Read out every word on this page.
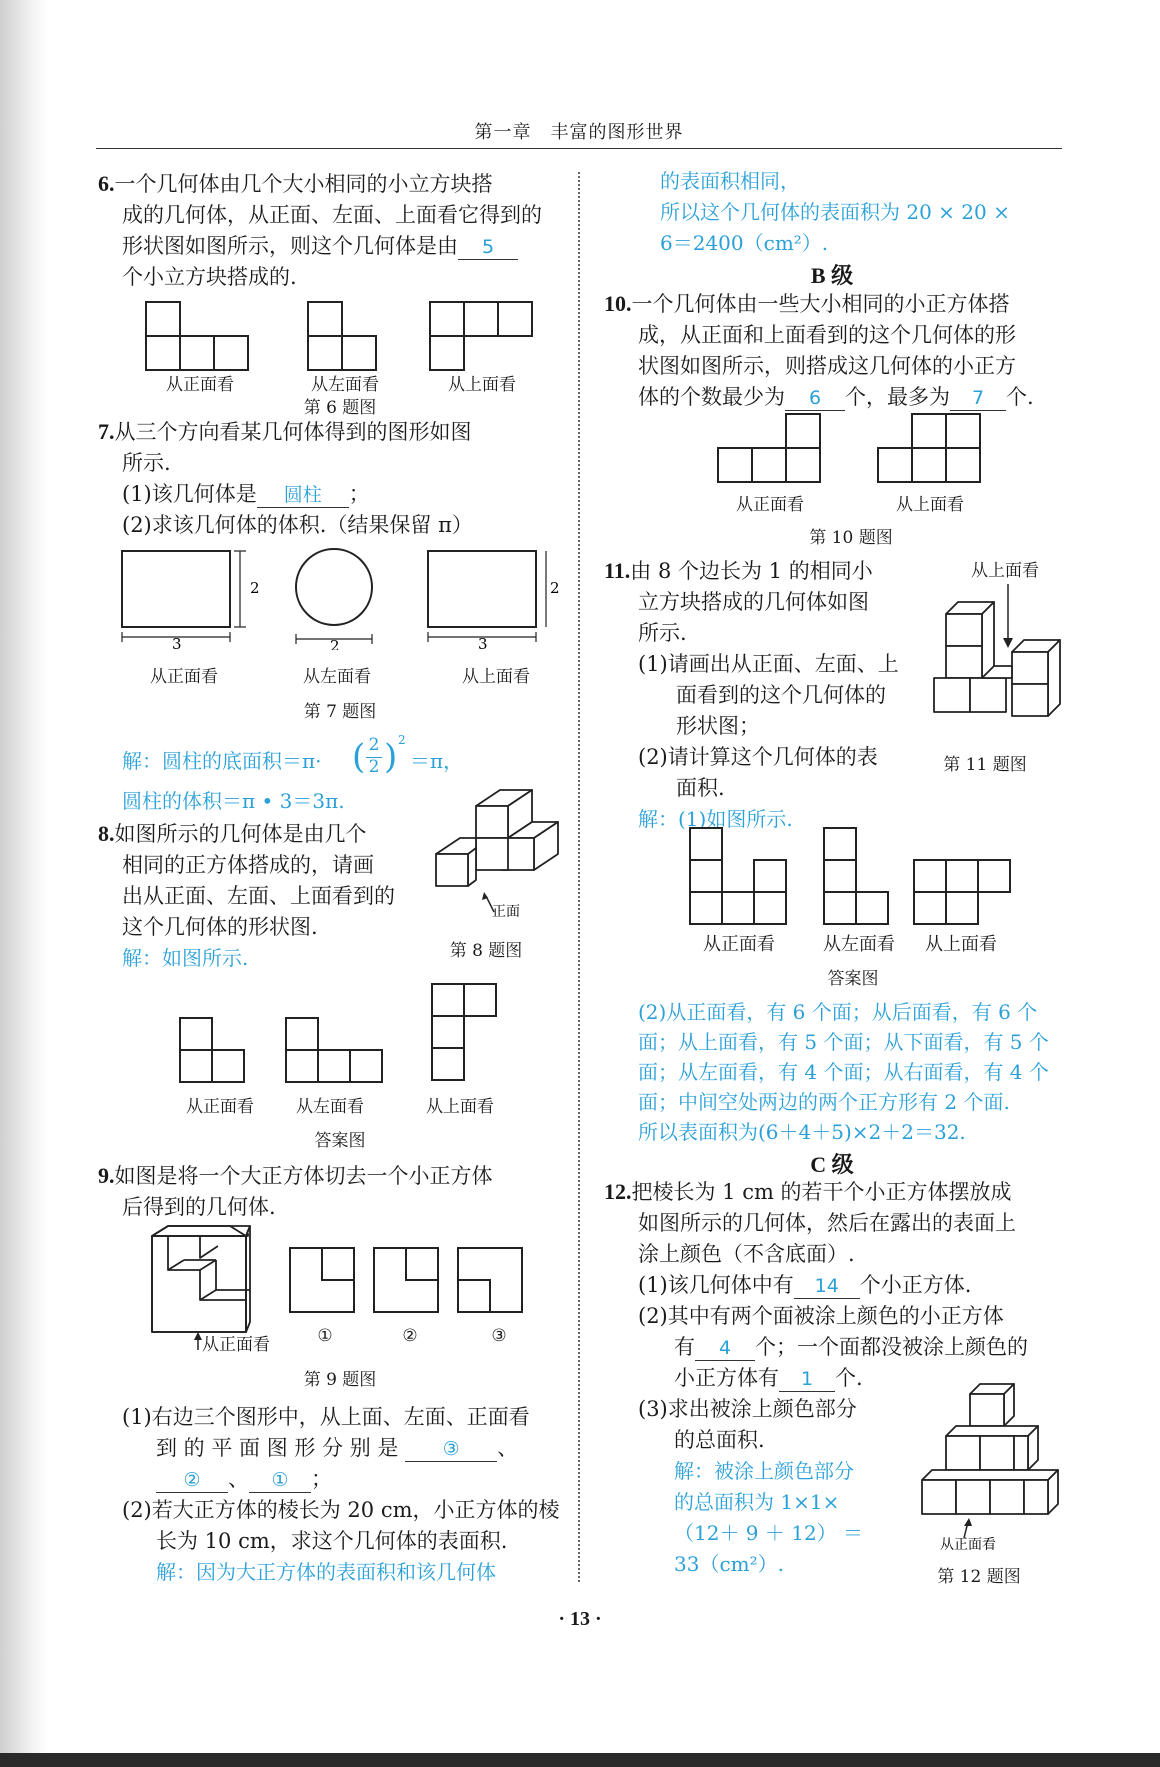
第一章　丰富的图形世界
6.一个几何体由几个大小相同的小立方块搭
成的几何体，从正面、左面、上面看它得到的
形状图如图所示，则这个几何体是由 5
个小立方块搭成的.
从正面看	从左面看	从上面看
第 6 题图
7.从三个方向看某几何体得到的图形如图
所示.
(1)该几何体是 圆柱 ；
(2)求该几何体的体积.（结果保留 π）
2
3	2
2
3
从正面看	从左面看	从上面看
第 7 题图
解：圆柱的底面积＝π· ( 2
2 ) 2
＝π，
圆柱的体积＝π • 3＝3π.
8.如图所示的几何体是由几个
相同的正方体搭成的，请画
出从正面、左面、上面看到的
这个几何体的形状图.
解：如图所示.
正面
第 8 题图
从正面看	从左面看	从上面看
答案图
9.如图是将一个大正方体切去一个小正方体
后得到的几何体.
从正面看	①	②	③
第 9 题图
(1)右边三个图形中，从上面、左面、正面看
到 的 平 面 图 形 分 别 是 ③ 、
② 、 ① ；
(2)若大正方体的棱长为 20 cm，小正方体的棱
长为 10 cm，求这个几何体的表面积.
解：因为大正方体的表面积和该几何体
的表面积相同，
所以这个几何体的表面积为 20 × 20 ×
6＝2400（cm²）.
B 级
10.一个几何体由一些大小相同的小正方体搭
成，从正面和上面看到的这个几何体的形
状图如图所示，则搭成这几何体的小正方
体的个数最少为 6 个，最多为 7 个.
从正面看	从上面看
第 10 题图
11.由 8 个边长为 1 的相同小
立方块搭成的几何体如图
所示.
(1)请画出从正面、左面、上
面看到的这个几何体的
形状图；
(2)请计算这个几何体的表
面积.
解：(1)如图所示.
从上面看
第 11 题图
从正面看	从左面看	从上面看
答案图
(2)从正面看，有 6 个面；从后面看，有 6 个
面；从上面看，有 5 个面；从下面看，有 5 个
面；从左面看，有 4 个面；从右面看，有 4 个
面；中间空处两边的两个正方形有 2 个面.
所以表面积为(6＋4＋5)×2＋2＝32.
C 级
12.把棱长为 1 cm 的若干个小正方体摆放成
如图所示的几何体，然后在露出的表面上
涂上颜色（不含底面）.
(1)该几何体中有 14 个小正方体.
(2)其中有两个面被涂上颜色的小正方体
有 4 个；一个面都没被涂上颜色的
小正方体有 1 个.
(3)求出被涂上颜色部分
的总面积.
解：被涂上颜色部分
的总面积为 1×1×
（12＋ 9 ＋ 12） ＝
33（cm²）.
从正面看
第 12 题图
· 13 ·
